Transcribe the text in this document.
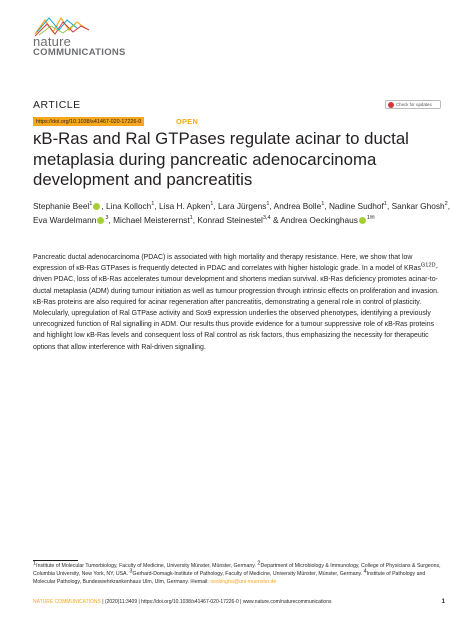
nature
COMMUNICATIONS
ARTICLE	Check for updates
https://doi.org/10.1038/s41467-020-17226-0	OPEN
κB-Ras and Ral GTPases regulate acinar to ductal metaplasia during pancreatic adenocarcinoma development and pancreatitis
Stephanie Beel$^1$ , Lina Kolloch$^1$, Lisa H. Apken$^1$, Lara Jürgens$^1$, Andrea Bolle$^1$, Nadine Sudhof$^1$, Sankar Ghosh$^2$, Eva Wardelmann $^3$, Michael Meisterernst$^1$, Konrad Steinestel$^{3,4}$ & Andrea Oeckinghaus $^{1✉}$
Pancreatic ductal adenocarcinoma (PDAC) is associated with high mortality and therapy resistance. Here, we show that low expression of κB-Ras GTPases is frequently detected in PDAC and correlates with higher histologic grade. In a model of KRas$^{G12D}$-driven PDAC, loss of κB-Ras accelerates tumour development and shortens median survival. κB-Ras deficiency promotes acinar-to-ductal metaplasia (ADM) during tumour initiation as well as tumour progression through intrinsic effects on proliferation and invasion. κB-Ras proteins are also required for acinar regeneration after pancreatitis, demonstrating a general role in control of plasticity. Molecularly, upregulation of Ral GTPase activity and Sox9 expression underlies the observed phenotypes, identifying a previously unrecognized function of Ral signalling in ADM. Our results thus provide evidence for a tumour suppressive role of κB-Ras proteins and highlight low κB-Ras levels and consequent loss of Ral control as risk factors, thus emphasizing the necessity for therapeutic options that allow interference with Ral-driven signalling.
$^1$Institute of Molecular Tumorbiology, Faculty of Medicine, University Münster, Münster, Germany. $^2$Department of Microbiology & Immunology, College of Physicians & Surgeons, Columbia University, New York, NY, USA. $^3$Gerhard-Domagk-Institute of Pathology, Faculty of Medicine, University Münster, Münster, Germany. $^4$Institute of Pathology and Molecular Pathology, Bundeswehrkrankenhaus Ulm, Ulm, Germany. ✉email: oeckingha@uni-muenster.de
NATURE COMMUNICATIONS | (2020)11:3409 | https://doi.org/10.1038/s41467-020-17226-0 | www.nature.com/naturecommunications	1
